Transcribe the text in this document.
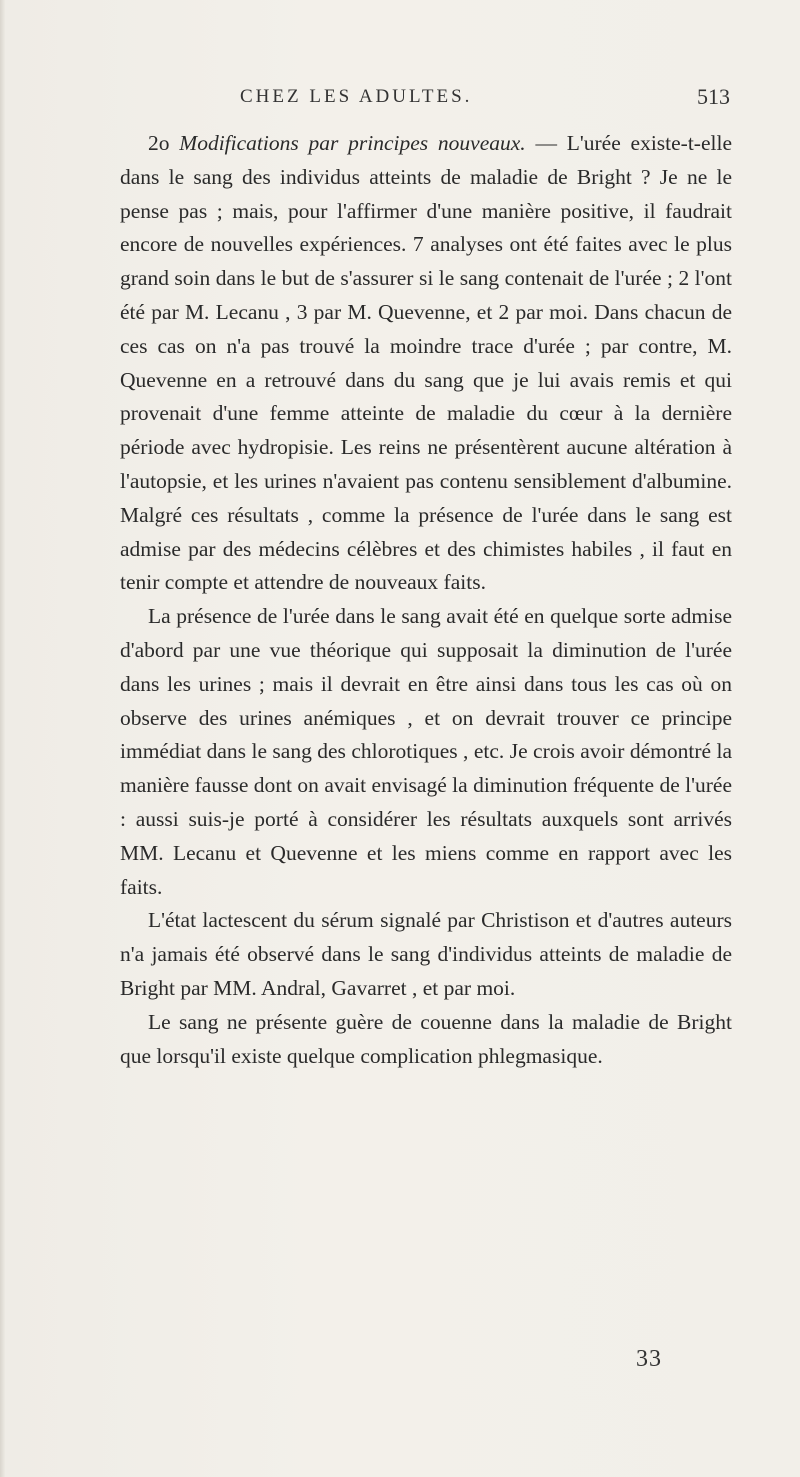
CHEZ LES ADULTES.	513

2o Modifications par principes nouveaux. — L'urée existe-t-elle dans le sang des individus atteints de maladie de Bright ? Je ne le pense pas ; mais, pour l'affirmer d'une manière positive, il faudrait encore de nouvelles expériences. 7 analyses ont été faites avec le plus grand soin dans le but de s'assurer si le sang contenait de l'urée ; 2 l'ont été par M. Lecanu , 3 par M. Quevenne, et 2 par moi. Dans chacun de ces cas on n'a pas trouvé la moindre trace d'urée ; par contre, M. Quevenne en a retrouvé dans du sang que je lui avais remis et qui provenait d'une femme atteinte de maladie du cœur à la dernière période avec hydropisie. Les reins ne présentèrent aucune altération à l'autopsie, et les urines n'avaient pas contenu sensiblement d'albumine. Malgré ces résultats , comme la présence de l'urée dans le sang est admise par des médecins célèbres et des chimistes habiles , il faut en tenir compte et attendre de nouveaux faits.

La présence de l'urée dans le sang avait été en quelque sorte admise d'abord par une vue théorique qui supposait la diminution de l'urée dans les urines ; mais il devrait en être ainsi dans tous les cas où on observe des urines anémiques , et on devrait trouver ce principe immédiat dans le sang des chlorotiques , etc. Je crois avoir démontré la manière fausse dont on avait envisagé la diminution fréquente de l'urée : aussi suis-je porté à considérer les résultats auxquels sont arrivés MM. Lecanu et Quevenne et les miens comme en rapport avec les faits.

L'état lactescent du sérum signalé par Christison et d'autres auteurs n'a jamais été observé dans le sang d'individus atteints de maladie de Bright par MM. Andral, Gavarret , et par moi.

Le sang ne présente guère de couenne dans la maladie de Bright que lorsqu'il existe quelque complication phlegmasique.

33
